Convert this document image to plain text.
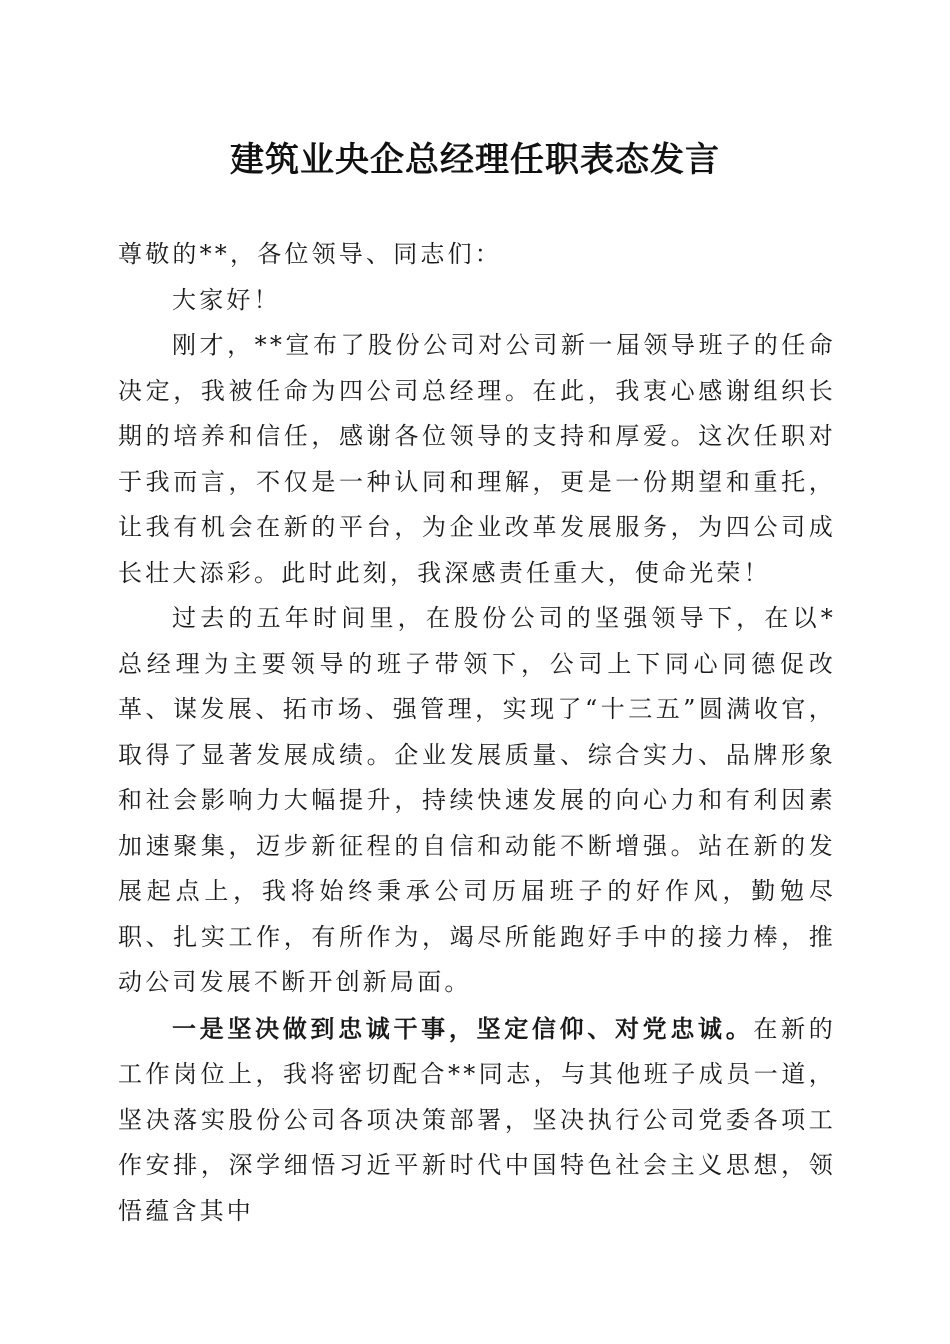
建筑业央企总经理任职表态发言

尊敬的**，各位领导、同志们：

大家好！

刚才，**宣布了股份公司对公司新一届领导班子的任命决定，我被任命为四公司总经理。在此，我衷心感谢组织长期的培养和信任，感谢各位领导的支持和厚爱。这次任职对于我而言，不仅是一种认同和理解，更是一份期望和重托，让我有机会在新的平台，为企业改革发展服务，为四公司成长壮大添彩。此时此刻，我深感责任重大，使命光荣！

过去的五年时间里，在股份公司的坚强领导下，在以*总经理为主要领导的班子带领下，公司上下同心同德促改革、谋发展、拓市场、强管理，实现了“十三五”圆满收官，取得了显著发展成绩。企业发展质量、综合实力、品牌形象和社会影响力大幅提升，持续快速发展的向心力和有利因素加速聚集，迈步新征程的自信和动能不断增强。站在新的发展起点上，我将始终秉承公司历届班子的好作风，勤勉尽职、扎实工作，有所作为，竭尽所能跑好手中的接力棒，推动公司发展不断开创新局面。

一是坚决做到忠诚干事，坚定信仰、对党忠诚。在新的工作岗位上，我将密切配合**同志，与其他班子成员一道，坚决落实股份公司各项决策部署，坚决执行公司党委各项工作安排，深学细悟习近平新时代中国特色社会主义思想，领悟蕴含其中
